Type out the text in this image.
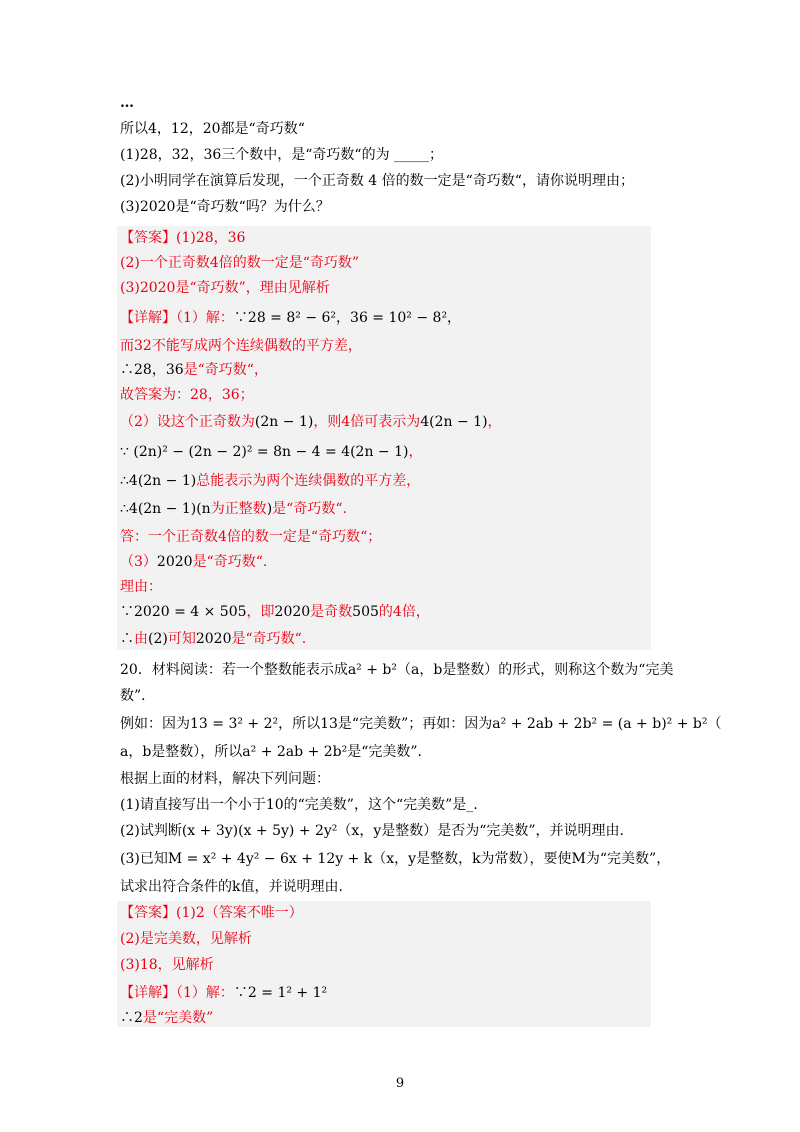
…
所以4，12，20都是“奇巧数“
(1)28，32，36三个数中，是“奇巧数“的为 _____；
(2)小明同学在演算后发现，一个正奇数 4 倍的数一定是“奇巧数“，请你说明理由；
(3)2020是“奇巧数“吗？为什么？
【答案】(1)28，36
(2)一个正奇数4倍的数一定是“奇巧数”
(3)2020是“奇巧数”，理由见解析
【详解】（1）解：∵28 = 8² − 6²，36 = 10² − 8²，
而32不能写成两个连续偶数的平方差，
∴28，36是“奇巧数“，
故答案为：28，36；
（2）设这个正奇数为(2n − 1)，则4倍可表示为4(2n − 1)，
∵ (2n)² − (2n − 2)² = 8n − 4 = 4(2n − 1)，
∴4(2n − 1)总能表示为两个连续偶数的平方差，
∴4(2n − 1)(n为正整数)是“奇巧数“.
答：一个正奇数4倍的数一定是“奇巧数“；
（3）2020是“奇巧数“.
理由：
∵2020 = 4 × 505，即2020是奇数505的4倍，
∴由(2)可知2020是“奇巧数“.
20．材料阅读：若一个整数能表示成a² + b²（a，b是整数）的形式，则称这个数为“完美
数”．
例如：因为13 = 3² + 2²，所以13是“完美数”；再如：因为a² + 2ab + 2b² = (a + b)² + b²（
a，b是整数），所以a² + 2ab + 2b²是“完美数”．
根据上面的材料，解决下列问题：
(1)请直接写出一个小于10的“完美数”，这个“完美数”是_.
(2)试判断(x + 3y)(x + 5y) + 2y²（x，y是整数）是否为“完美数”，并说明理由.
(3)已知M = x² + 4y² − 6x + 12y + k（x，y是整数，k为常数），要使M为“完美数”，
试求出符合条件的k值，并说明理由.
【答案】(1)2（答案不唯一）
(2)是完美数，见解析
(3)18，见解析
【详解】（1）解：∵2 = 1² + 1²
∴2是“完美数”
9
